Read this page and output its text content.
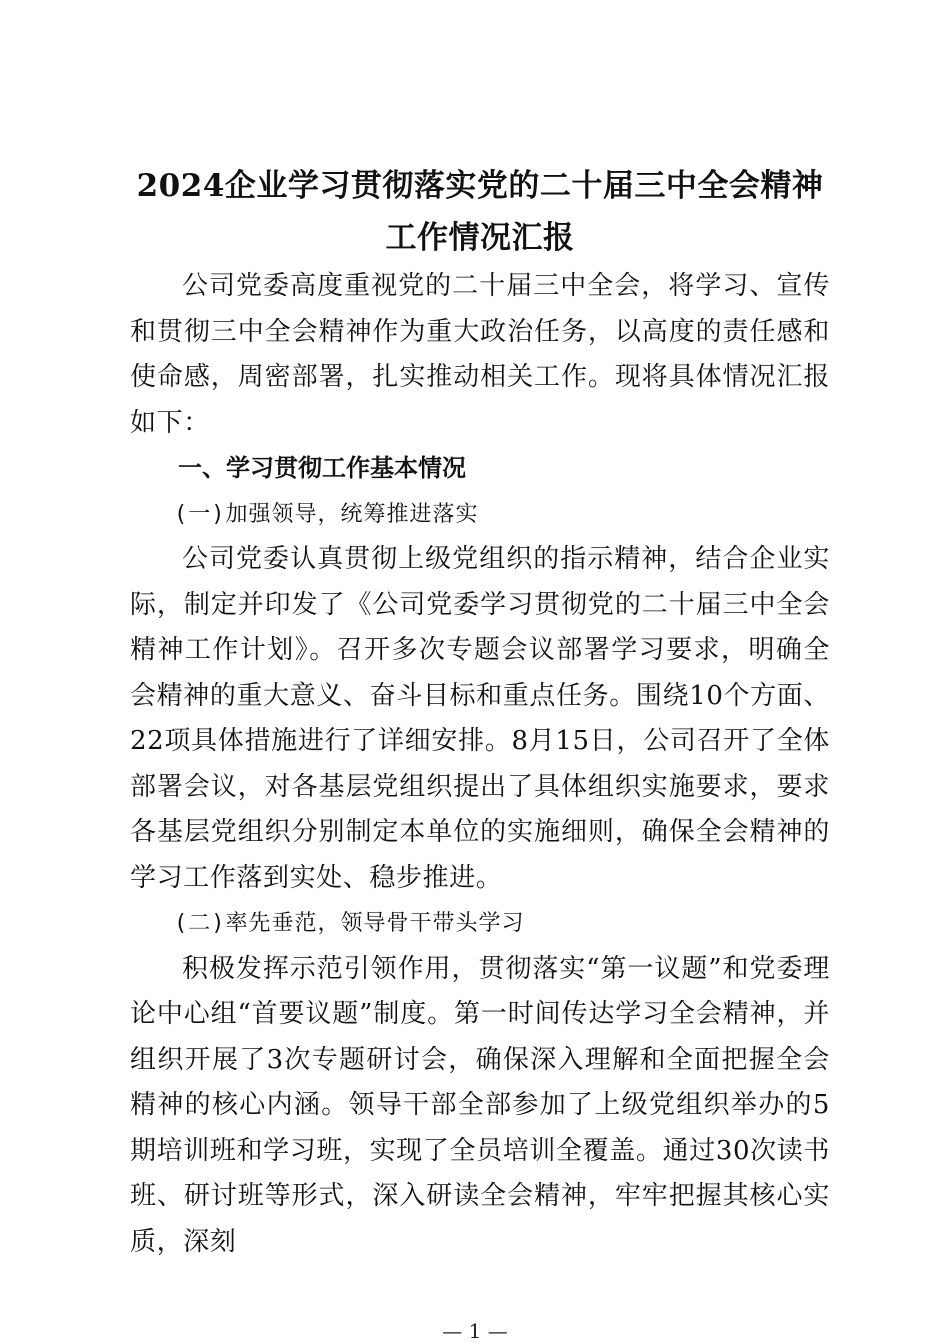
2024企业学习贯彻落实党的二十届三中全会精神工作情况汇报

公司党委高度重视党的二十届三中全会，将学习、宣传和贯彻三中全会精神作为重大政治任务，以高度的责任感和使命感，周密部署，扎实推动相关工作。现将具体情况汇报如下：

一、学习贯彻工作基本情况

(一)加强领导，统筹推进落实

公司党委认真贯彻上级党组织的指示精神，结合企业实际，制定并印发了《公司党委学习贯彻党的二十届三中全会精神工作计划》。召开多次专题会议部署学习要求，明确全会精神的重大意义、奋斗目标和重点任务。围绕10个方面、22项具体措施进行了详细安排。8月15日，公司召开了全体部署会议，对各基层党组织提出了具体组织实施要求，要求各基层党组织分别制定本单位的实施细则，确保全会精神的学习工作落到实处、稳步推进。

(二)率先垂范，领导骨干带头学习

积极发挥示范引领作用，贯彻落实“第一议题”和党委理论中心组“首要议题”制度。第一时间传达学习全会精神，并组织开展了3次专题研讨会，确保深入理解和全面把握全会精神的核心内涵。领导干部全部参加了上级党组织举办的5期培训班和学习班，实现了全员培训全覆盖。通过30次读书班、研讨班等形式，深入研读全会精神，牢牢把握其核心实质，深刻

— 1 —
